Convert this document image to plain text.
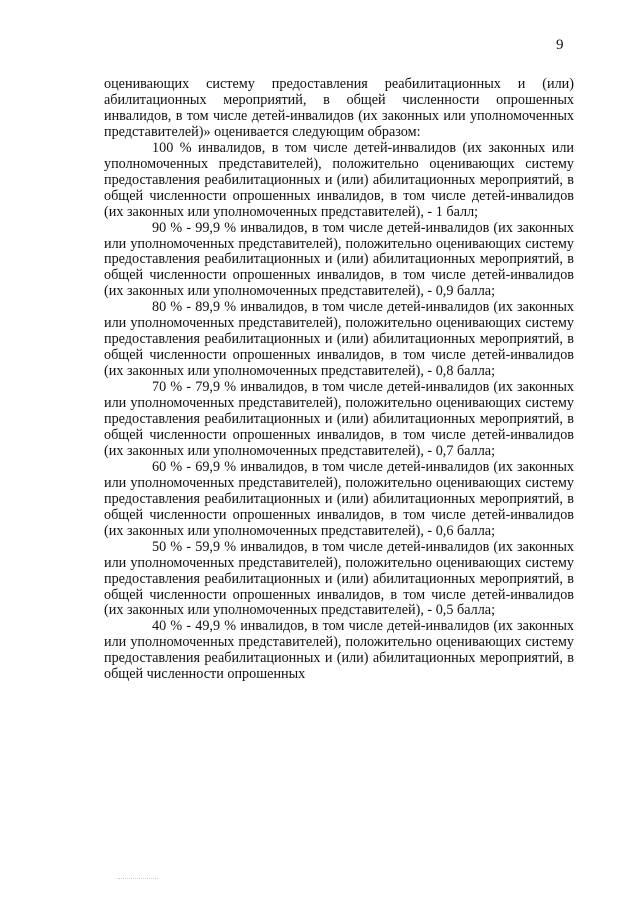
9

оценивающих систему предоставления реабилитационных и (или) абилитационных мероприятий, в общей численности опрошенных инвалидов, в том числе детей-инвалидов (их законных или уполномоченных представителей)» оценивается следующим образом:

100 % инвалидов, в том числе детей-инвалидов (их законных или уполномоченных представителей), положительно оценивающих систему предоставления реабилитационных и (или) абилитационных мероприятий, в общей численности опрошенных инвалидов, в том числе детей-инвалидов (их законных или уполномоченных представителей), - 1 балл;

90 % - 99,9 % инвалидов, в том числе детей-инвалидов (их законных или уполномоченных представителей), положительно оценивающих систему предоставления реабилитационных и (или) абилитационных мероприятий, в общей численности опрошенных инвалидов, в том числе детей-инвалидов (их законных или уполномоченных представителей), - 0,9 балла;

80 % - 89,9 % инвалидов, в том числе детей-инвалидов (их законных или уполномоченных представителей), положительно оценивающих систему предоставления реабилитационных и (или) абилитационных мероприятий, в общей численности опрошенных инвалидов, в том числе детей-инвалидов (их законных или уполномоченных представителей), - 0,8 балла;

70 % - 79,9 % инвалидов, в том числе детей-инвалидов (их законных или уполномоченных представителей), положительно оценивающих систему предоставления реабилитационных и (или) абилитационных мероприятий, в общей численности опрошенных инвалидов, в том числе детей-инвалидов (их законных или уполномоченных представителей), - 0,7 балла;

60 % - 69,9 % инвалидов, в том числе детей-инвалидов (их законных или уполномоченных представителей), положительно оценивающих систему предоставления реабилитационных и (или) абилитационных мероприятий, в общей численности опрошенных инвалидов, в том числе детей-инвалидов (их законных или уполномоченных представителей), - 0,6 балла;

50 % - 59,9 % инвалидов, в том числе детей-инвалидов (их законных или уполномоченных представителей), положительно оценивающих систему предоставления реабилитационных и (или) абилитационных мероприятий, в общей численности опрошенных инвалидов, в том числе детей-инвалидов (их законных или уполномоченных представителей), - 0,5 балла;

40 % - 49,9 % инвалидов, в том числе детей-инвалидов (их законных или уполномоченных представителей), положительно оценивающих систему предоставления реабилитационных и (или) абилитационных мероприятий, в общей численности опрошенных
